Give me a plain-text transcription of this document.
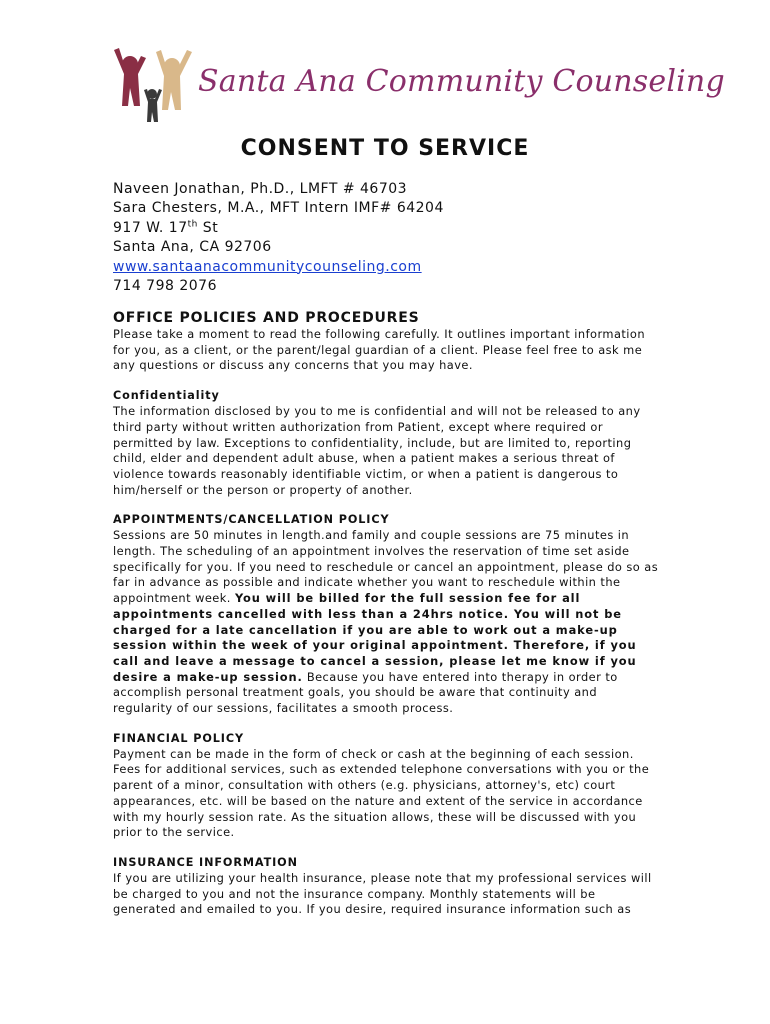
Santa Ana Community Counseling
CONSENT TO SERVICE
Naveen Jonathan, Ph.D., LMFT # 46703
Sara Chesters, M.A., MFT Intern IMF# 64204
917 W. 17th St
Santa Ana, CA 92706
www.santaanacommunitycounseling.com
714 798 2076
OFFICE POLICIES AND PROCEDURES

Please take a moment to read the following carefully. It outlines important information for you, as a client, or the parent/legal guardian of a client. Please feel free to ask me any questions or discuss any concerns that you may have.

Confidentiality

The information disclosed by you to me is confidential and will not be released to any third party without written authorization from Patient, except where required or permitted by law. Exceptions to confidentiality, include, but are limited to, reporting child, elder and dependent adult abuse, when a patient makes a serious threat of violence towards reasonably identifiable victim, or when a patient is dangerous to him/herself or the person or property of another.

APPOINTMENTS/CANCELLATION POLICY

Sessions are 50 minutes in length.and family and couple sessions are 75 minutes in length. The scheduling of an appointment involves the reservation of time set aside specifically for you. If you need to reschedule or cancel an appointment, please do so as far in advance as possible and indicate whether you want to reschedule within the appointment week. You will be billed for the full session fee for all appointments cancelled with less than a 24hrs notice. You will not be charged for a late cancellation if you are able to work out a make-up session within the week of your original appointment. Therefore, if you call and leave a message to cancel a session, please let me know if you desire a make-up session. Because you have entered into therapy in order to accomplish personal treatment goals, you should be aware that continuity and regularity of our sessions, facilitates a smooth process.

FINANCIAL POLICY

Payment can be made in the form of check or cash at the beginning of each session. Fees for additional services, such as extended telephone conversations with you or the parent of a minor, consultation with others (e.g. physicians, attorney's, etc) court appearances, etc. will be based on the nature and extent of the service in accordance with my hourly session rate. As the situation allows, these will be discussed with you prior to the service.

INSURANCE INFORMATION

If you are utilizing your health insurance, please note that my professional services will be charged to you and not the insurance company. Monthly statements will be generated and emailed to you. If you desire, required insurance information such as
